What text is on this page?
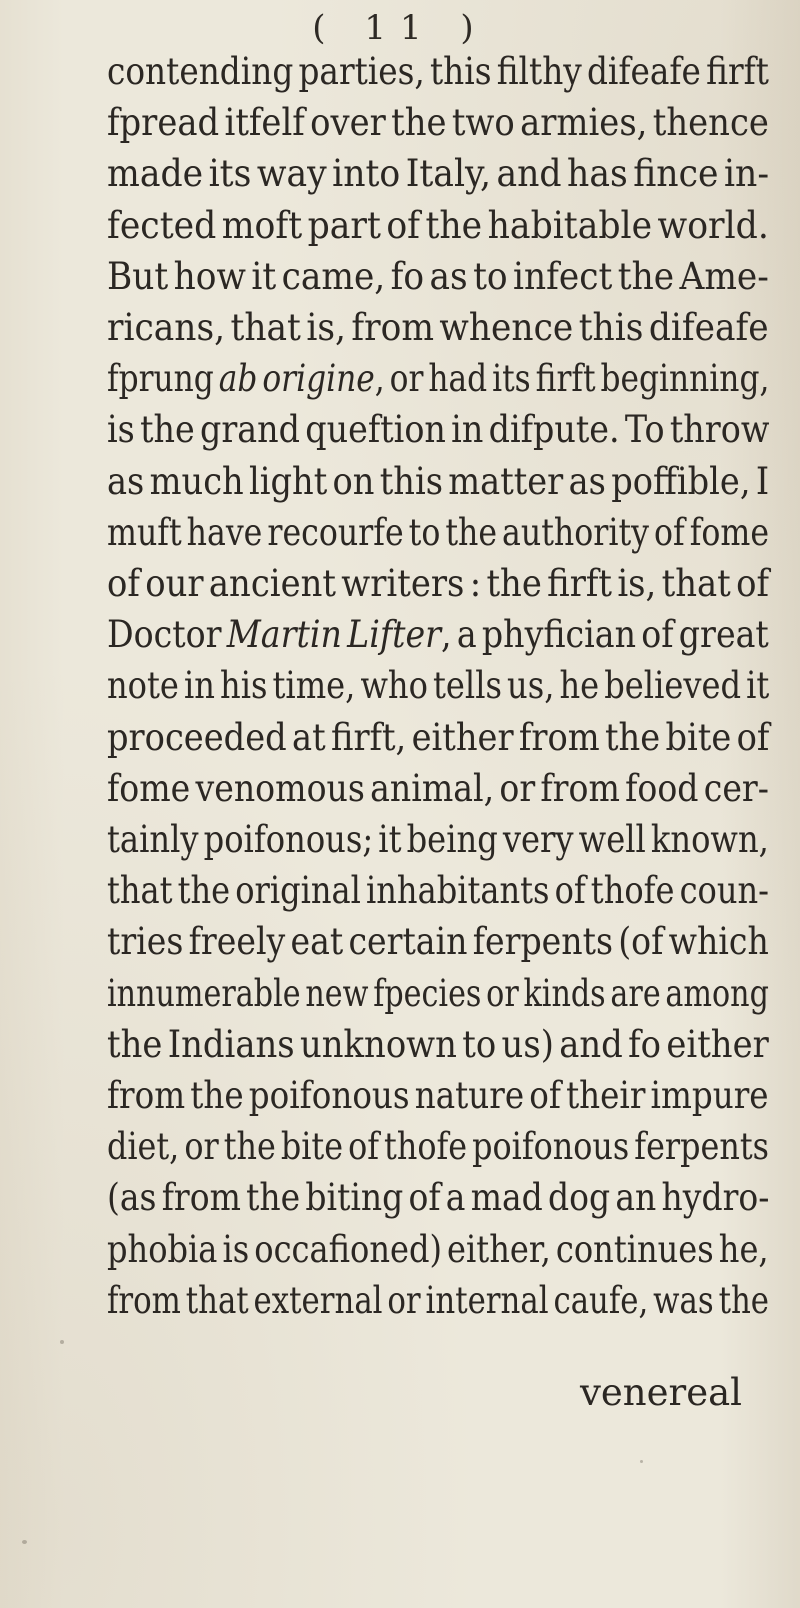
( 11 )
contending parties, this filthy difeafe firft
fpread itfelf over the two armies, thence
made its way into Italy, and has fince in-
fected moft part of the habitable world.
But how it came, fo as to infect the Ame-
ricans, that is, from whence this difeafe
fprung ab origine, or had its firft beginning,
is the grand queftion in difpute. To throw
as much light on this matter as poffible, I
muft have recourfe to the authority of fome
of our ancient writers : the firft is, that of
Doctor Martin Lifter, a phyfician of great
note in his time, who tells us, he believed it
proceeded at firft, either from the bite of
fome venomous animal, or from food cer-
tainly poifonous; it being very well known,
that the original inhabitants of thofe coun-
tries freely eat certain ferpents (of which
innumerable new fpecies or kinds are among
the Indians unknown to us) and fo either
from the poifonous nature of their impure
diet, or the bite of thofe poifonous ferpents
(as from the biting of a mad dog an hydro-
phobia is occafioned) either, continues he,
from that external or internal caufe, was the
venereal
